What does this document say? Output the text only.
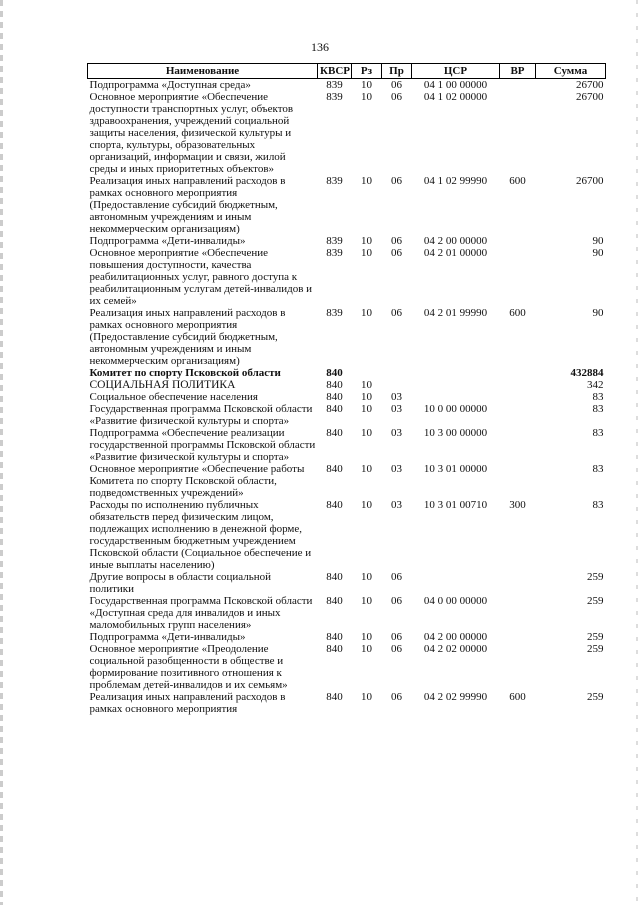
136
Наименование	КВСР	Рз	Пр	ЦСР	ВР	Сумма
Подпрограмма «Доступная среда»	839	10	06	04 1 00 00000		26700
Основное мероприятие «Обеспечение доступности транспортных услуг, объектов здравоохранения, учреждений социальной защиты населения, физической культуры и спорта, культуры, образовательных организаций, информации и связи, жилой среды и иных приоритетных объектов»	839	10	06	04 1 02 00000		26700
Реализация иных направлений расходов в рамках основного мероприятия (Предоставление субсидий бюджетным, автономным учреждениям и иным некоммерческим организациям)	839	10	06	04 1 02 99990	600	26700
Подпрограмма «Дети-инвалиды»	839	10	06	04 2 00 00000		90
Основное мероприятие «Обеспечение повышения доступности, качества реабилитационных услуг, равного доступа к реабилитационным услугам детей-инвалидов и их семей»	839	10	06	04 2 01 00000		90
Реализация иных направлений расходов в рамках основного мероприятия (Предоставление субсидий бюджетным, автономным учреждениям и иным некоммерческим организациям)	839	10	06	04 2 01 99990	600	90
Комитет по спорту Псковской области	840					432884
СОЦИАЛЬНАЯ ПОЛИТИКА	840	10				342
Социальное обеспечение населения	840	10	03			83
Государственная программа Псковской области «Развитие физической культуры и спорта»	840	10	03	10 0 00 00000		83
Подпрограмма «Обеспечение реализации государственной программы Псковской области «Развитие физической культуры и спорта»	840	10	03	10 3 00 00000		83
Основное мероприятие «Обеспечение работы Комитета по спорту Псковской области, подведомственных учреждений»	840	10	03	10 3 01 00000		83
Расходы по исполнению публичных обязательств перед физическим лицом, подлежащих исполнению в денежной форме, государственным бюджетным учреждением Псковской области (Социальное обеспечение и иные выплаты населению)	840	10	03	10 3 01 00710	300	83
Другие вопросы в области социальной политики	840	10	06			259
Государственная программа Псковской области «Доступная среда для инвалидов и иных маломобильных групп населения»	840	10	06	04 0 00 00000		259
Подпрограмма «Дети-инвалиды»	840	10	06	04 2 00 00000		259
Основное мероприятие «Преодоление социальной разобщенности в обществе и формирование позитивного отношения к проблемам детей-инвалидов и их семьям»	840	10	06	04 2 02 00000		259
Реализация иных направлений расходов в рамках основного мероприятия	840	10	06	04 2 02 99990	600	259
